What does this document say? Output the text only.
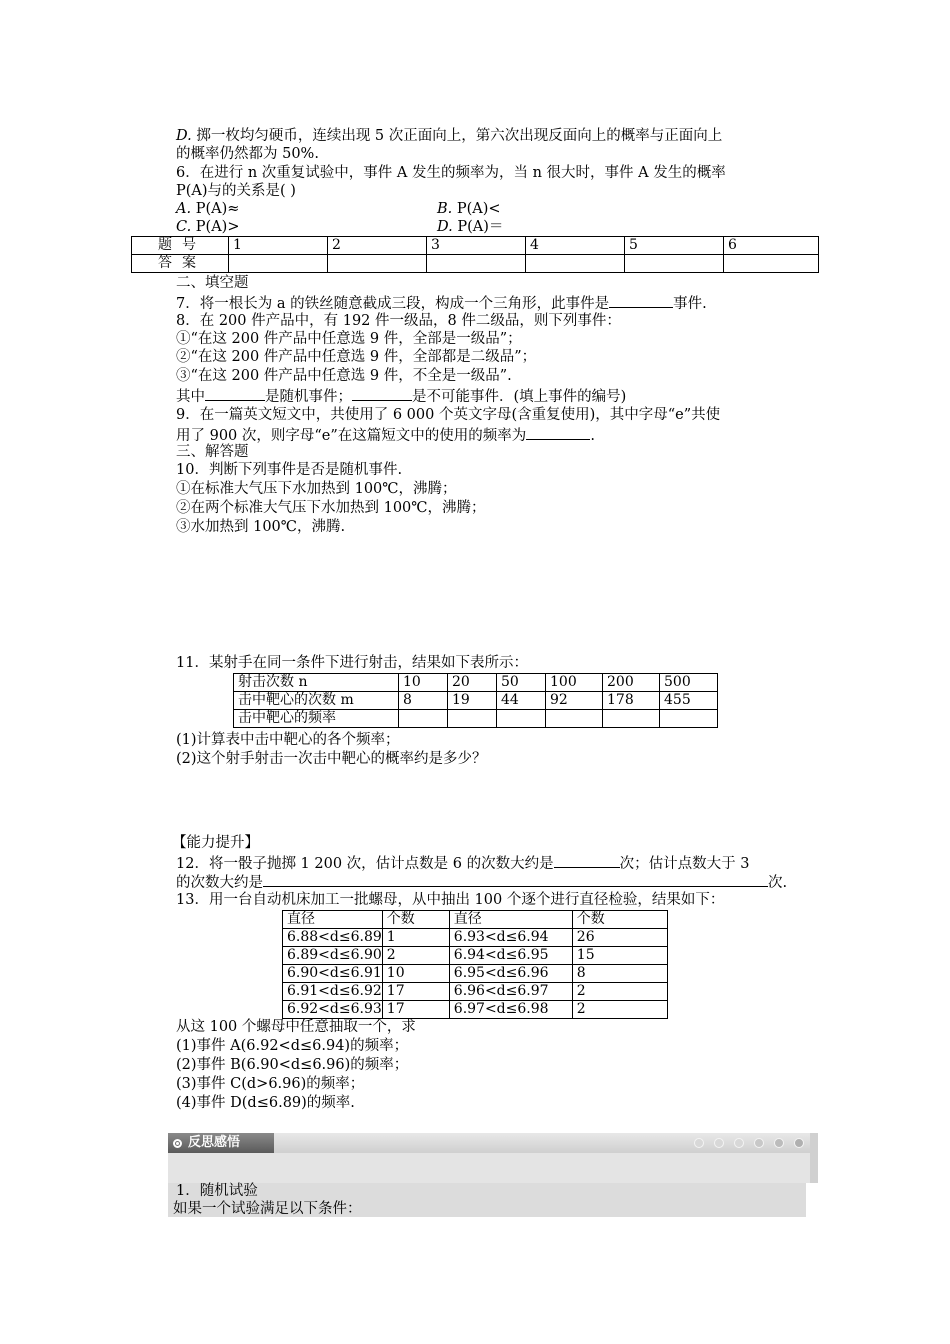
D. 掷一枚均匀硬币，连续出现 5 次正面向上，第六次出现反面向上的概率与正面向上
的概率仍然都为 50%.
6．在进行 n 次重复试验中，事件 A 发生的频率为，当 n 很大时，事件 A 发生的概率
P(A)与的关系是( )
A. P(A)≈	B. P(A)<
C. P(A)>	D. P(A)＝
题号	1	2	3	4	5	6
答案						
二、填空题
7．将一根长为 a 的铁丝随意截成三段，构成一个三角形，此事件是	事件.
8．在 200 件产品中，有 192 件一级品，8 件二级品，则下列事件：
①“在这 200 件产品中任意选 9 件，全部是一级品”；
②“在这 200 件产品中任意选 9 件，全部都是二级品”；
③“在这 200 件产品中任意选 9 件，不全是一级品”.
其中	是随机事件；	是不可能事件．(填上事件的编号)
9．在一篇英文短文中，共使用了 6 000 个英文字母(含重复使用)，其中字母“e”共使
用了 900 次，则字母“e”在这篇短文中的使用的频率为	.
三、解答题
10．判断下列事件是否是随机事件.
①在标准大气压下水加热到 100℃，沸腾；
②在两个标准大气压下水加热到 100℃，沸腾；
③水加热到 100℃，沸腾.
11．某射手在同一条件下进行射击，结果如下表所示：
射击次数 n	10	20	50	100	200	500
击中靶心的次数 m	8	19	44	92	178	455
击中靶心的频率						
(1)计算表中击中靶心的各个频率；
(2)这个射手射击一次击中靶心的概率约是多少？
【能力提升】
12．将一骰子抛掷 1 200 次，估计点数是 6 的次数大约是	次；估计点数大于 3
的次数大约是	次.
13．用一台自动机床加工一批螺母，从中抽出 100 个逐个进行直径检验，结果如下：
直径	个数	直径	个数
6.88<d≤6.89	1	6.93<d≤6.94	26
6.89<d≤6.90	2	6.94<d≤6.95	15
6.90<d≤6.91	10	6.95<d≤6.96	8
6.91<d≤6.92	17	6.96<d≤6.97	2
6.92<d≤6.93	17	6.97<d≤6.98	2
从这 100 个螺母中任意抽取一个，求
(1)事件 A(6.92<d≤6.94)的频率；
(2)事件 B(6.90<d≤6.96)的频率；
(3)事件 C(d>6.96)的频率；
(4)事件 D(d≤6.89)的频率.
反思感悟
1．随机试验
如果一个试验满足以下条件：
